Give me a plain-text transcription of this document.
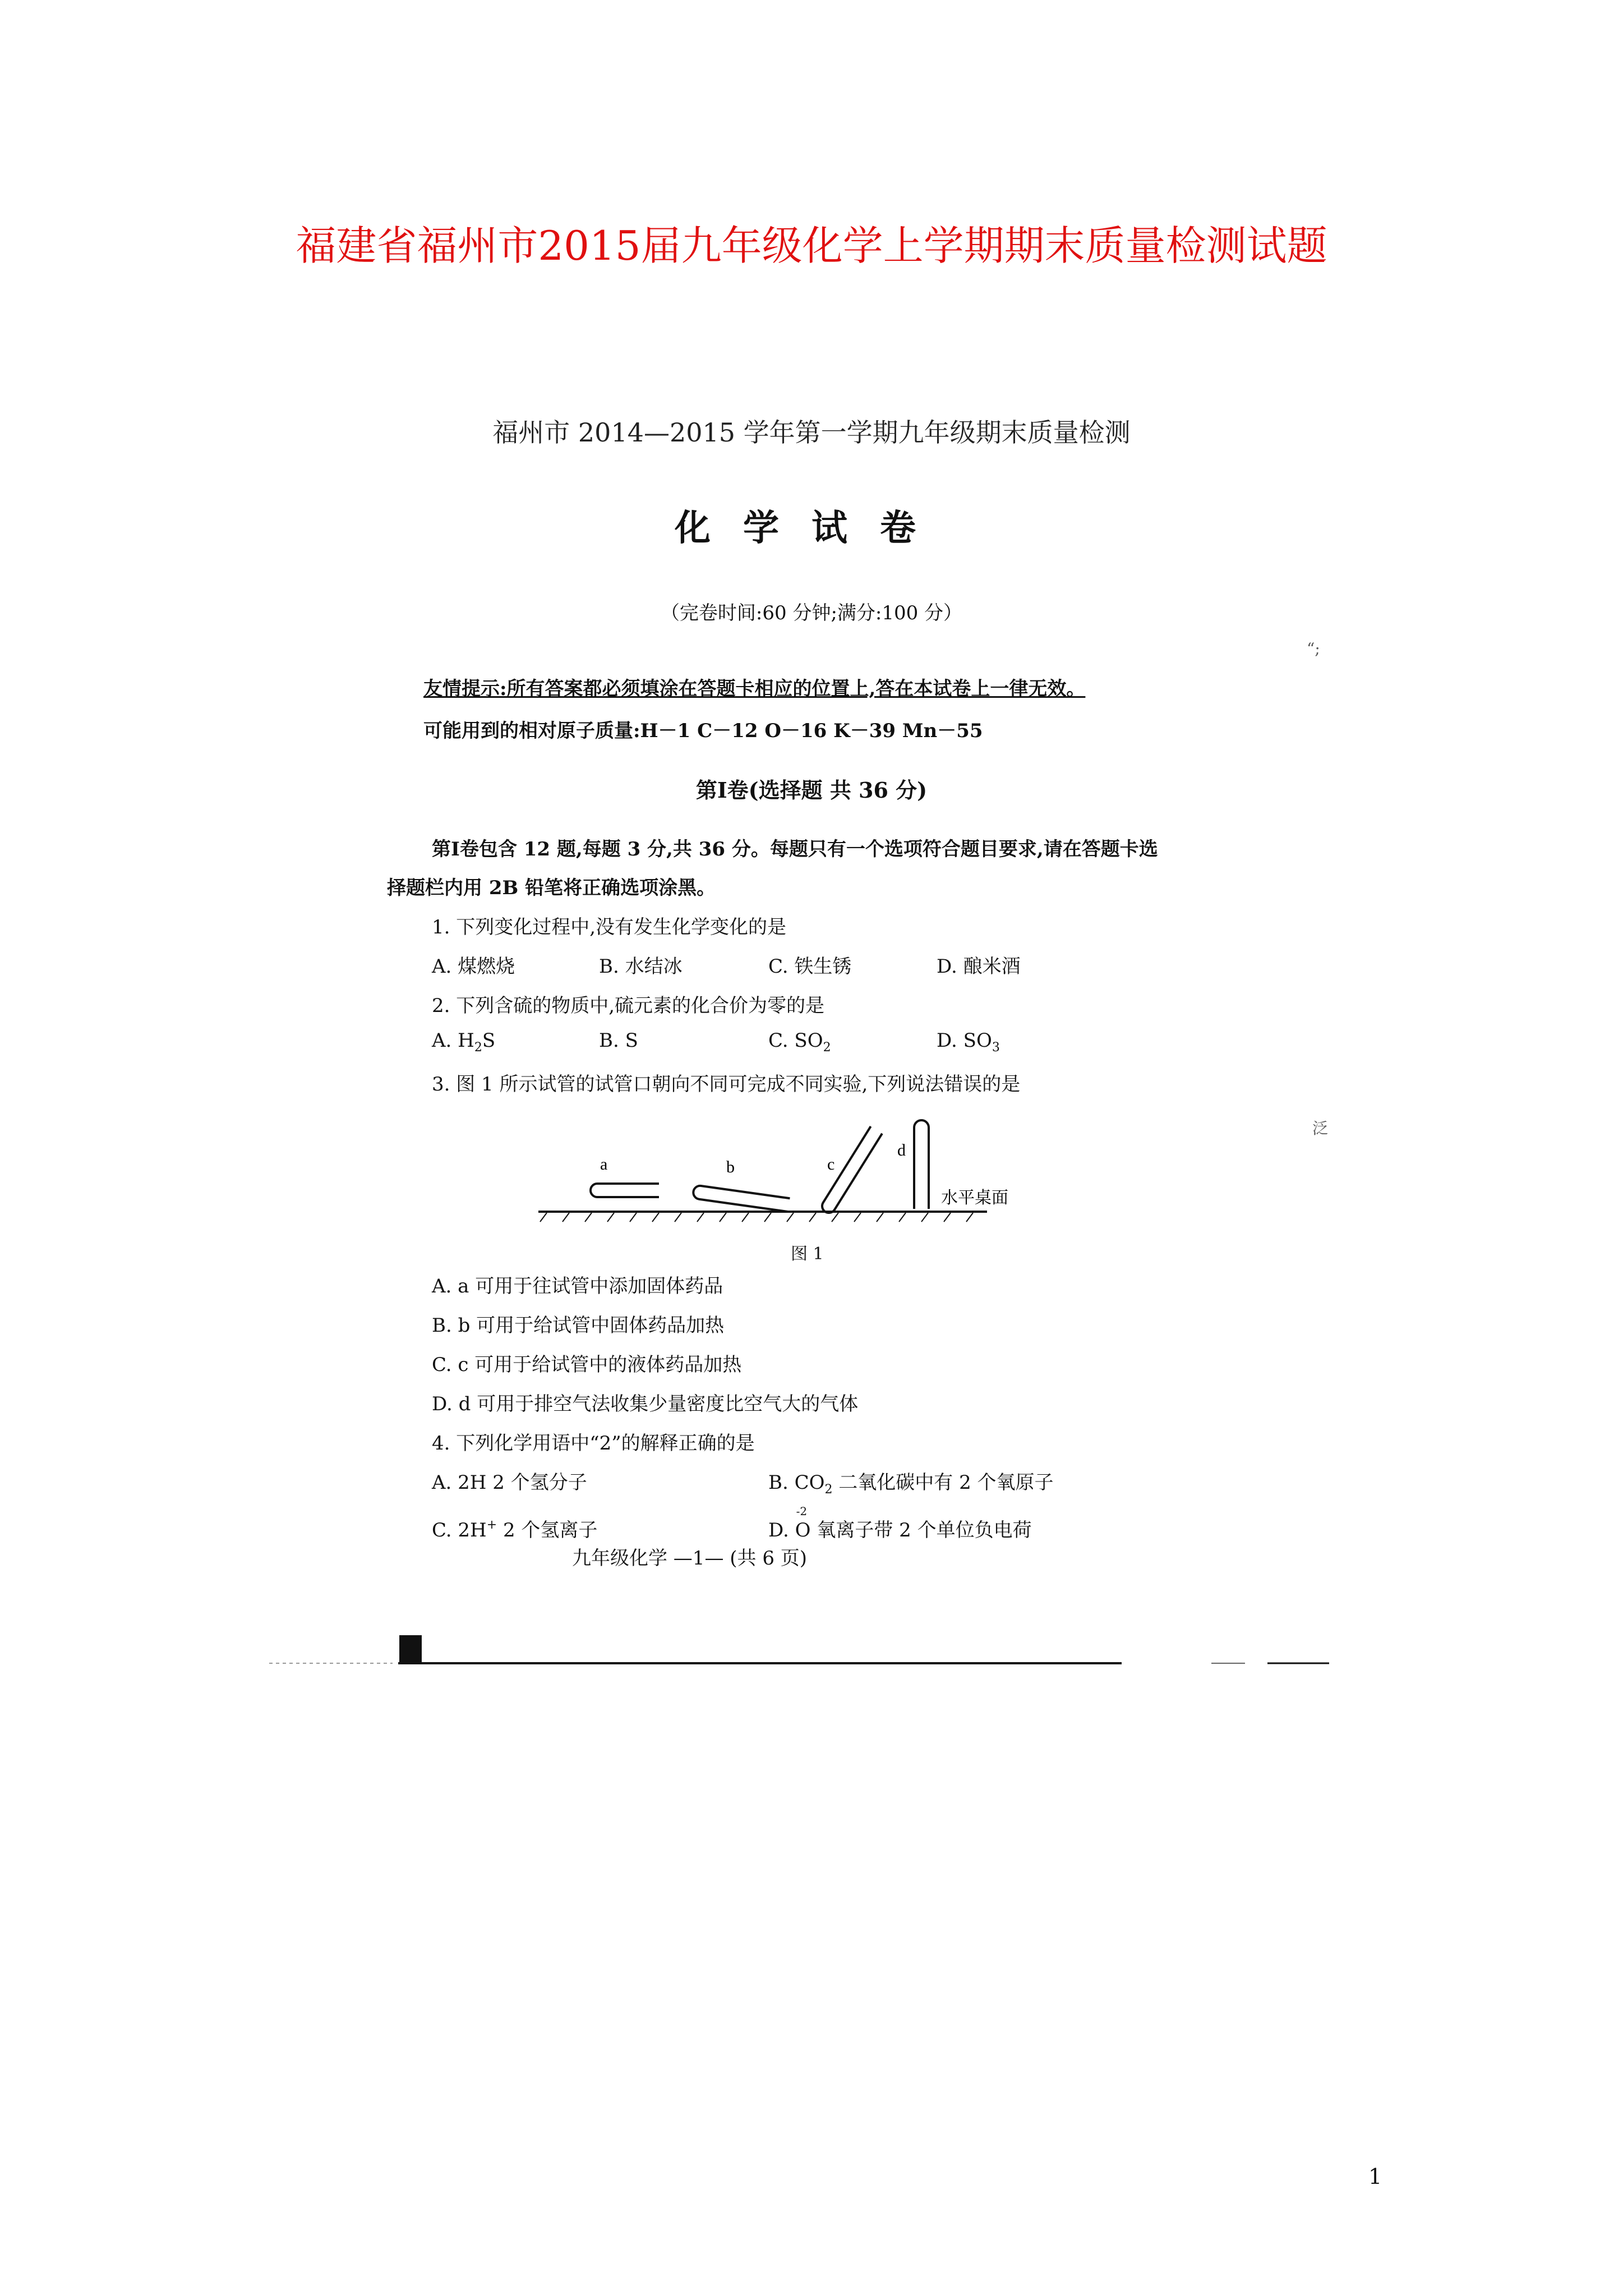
福建省福州市2015届九年级化学上学期期末质量检测试题
福州市 2014—2015 学年第一学期九年级期末质量检测
化学试卷
（完卷时间:60 分钟;满分:100 分）
“;
泛
友情提示:所有答案都必须填涂在答题卡相应的位置上,答在本试卷上一律无效。
可能用到的相对原子质量:H－1 C－12 O－16 K－39 Mn－55
第Ⅰ卷(选择题 共 36 分)
第Ⅰ卷包含 12 题,每题 3 分,共 36 分。每题只有一个选项符合题目要求,请在答题卡选
择题栏内用 2B 铅笔将正确选项涂黑。
1. 下列变化过程中,没有发生化学变化的是
A. 煤燃烧	B. 水结冰	C. 铁生锈	D. 酿米酒
2. 下列含硫的物质中,硫元素的化合价为零的是
A. $H_2S$	B. S	C. $SO_2$	D. $SO_3$
3. 图 1 所示试管的试管口朝向不同可完成不同实验,下列说法错误的是
a	b	c
d
水平桌面
图 1
A. a 可用于往试管中添加固体药品
B. b 可用于给试管中固体药品加热
C. c 可用于给试管中的液体药品加热
D. d 可用于排空气法收集少量密度比空气大的气体
4. 下列化学用语中“2”的解释正确的是
A. 2H 2 个氢分子	B. $CO_2$ 二氧化碳中有 2 个氧原子
C. 2H+ 2 个氢离子	D.
-2
O 氧离子带 2 个单位负电荷
九年级化学 —1— (共 6 页)
1
